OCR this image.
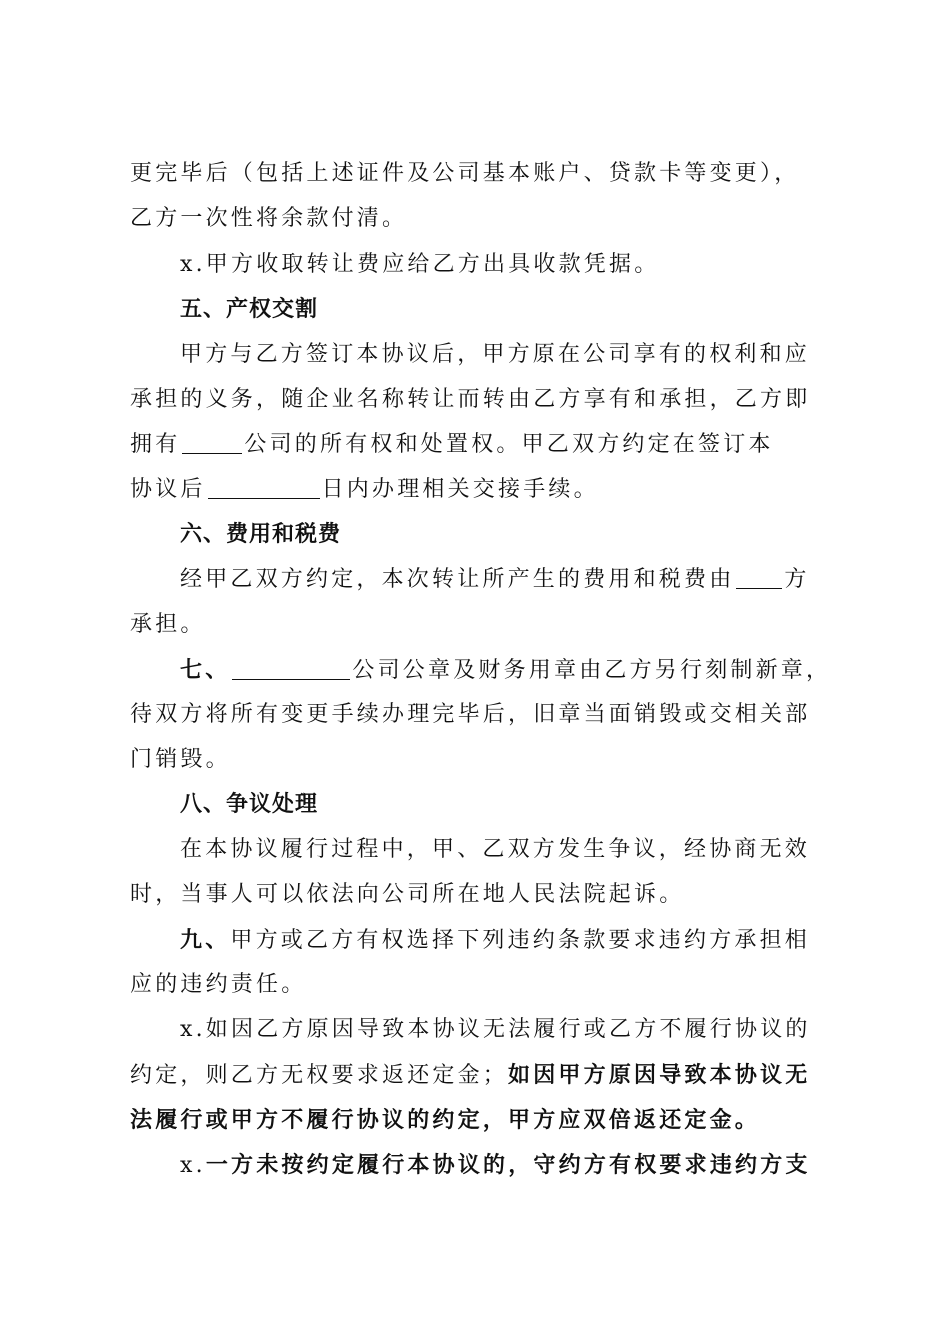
更完毕后（包括上述证件及公司基本账户、贷款卡等变更），
乙方一次性将余款付清。
x.甲方收取转让费应给乙方出具收款凭据。
五、产权交割
甲方与乙方签订本协议后，甲方原在公司享有的权利和应
承担的义务，随企业名称转让而转由乙方享有和承担，乙方即
拥有	公司的所有权和处置权。甲乙双方约定在签订本
协议后	日内办理相关交接手续。
六、费用和税费
经甲乙双方约定，本次转让所产生的费用和税费由 方
承担。
七、	公司公章及财务用章由乙方另行刻制新章，
待双方将所有变更手续办理完毕后，旧章当面销毁或交相关部
门销毁。
八、争议处理
在本协议履行过程中，甲、乙双方发生争议，经协商无效
时，当事人可以依法向公司所在地人民法院起诉。
九、甲方或乙方有权选择下列违约条款要求违约方承担相
应的违约责任。
x.如因乙方原因导致本协议无法履行或乙方不履行协议的
约定，则乙方无权要求返还定金；如因甲方原因导致本协议无
法履行或甲方不履行协议的约定，甲方应双倍返还定金。
x.一方未按约定履行本协议的，守约方有权要求违约方支
